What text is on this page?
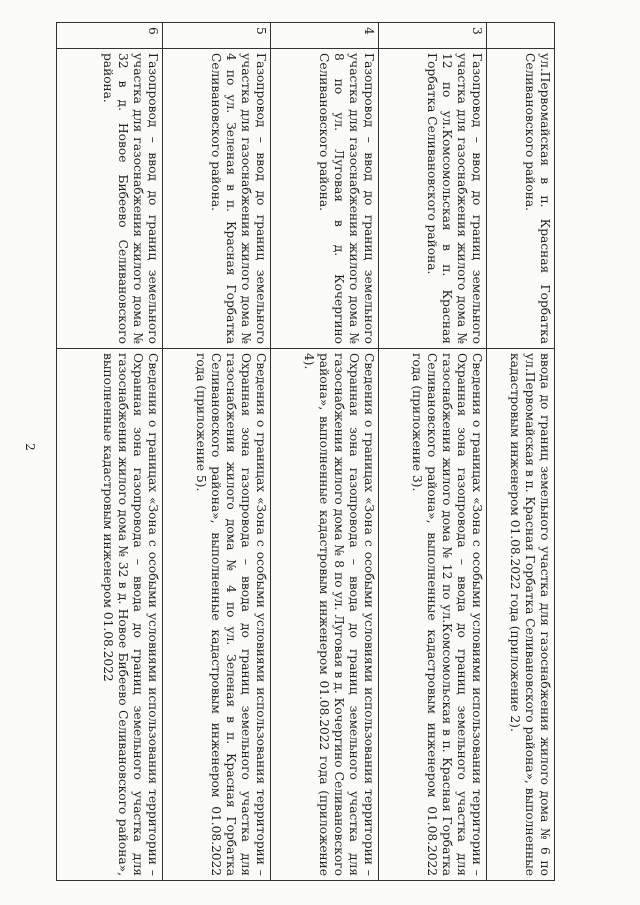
2
	ул.Первомайская в п. Красная Горбатка Селивановского района.	ввода до границ земельного участка для газоснабжения жилого дома № 6 по ул.Первомайская в п. Красная Горбатка Селивановского района», выполненные кадастровым инженером 01.08.2022 года (приложение 2).
3	Газопровод – ввод до границ земельного участка для газоснабжения жилого дома № 12 по ул.Комсомольская в п. Красная Горбатка Селивановского района.	Сведения о границах «Зона с особыми условиями использования территории – Охранная зона газопровода – ввода до границ земельного участка для газоснабжения жилого дома № 12 по ул.Комсомольская в п. Красная Горбатка Селивановского района», выполненные кадастровым инженером 01.08.2022 года (приложение 3).
4	Газопровод – ввод до границ земельного участка для газоснабжения жилого дома № 8 по ул. Луговая в д. Кочергино Селивановского района.	Сведения о границах «Зона с особыми условиями использования территории – Охранная зона газопровода – ввода до границ земельного участка для газоснабжения жилого дома № 8 по ул. Луговая в д. Кочергино Селивановского района», выполненные кадастровым инженером 01.08.2022 года (приложение 4).
5	Газопровод – ввод до границ земельного участка для газоснабжения жилого дома № 4 по ул. Зеленая в п. Красная Горбатка Селивановского района.	Сведения о границах «Зона с особыми условиями использования территории – Охранная зона газопровода – ввода до границ земельного участка для газоснабжения жилого дома № 4 по ул. Зеленая в п. Красная Горбатка Селивановского района», выполненные кадастровым инженером 01.08.2022 года (приложение 5).
6	Газопровод – ввод до границ земельного участка для газоснабжения жилого дома № 32 в д. Новое Бибеево Селивановского района.	Сведения о границах «Зона с особыми условиями использования территории – Охранная зона газопровода – ввода до границ земельного участка для газоснабжения жилого дома № 32 в д. Новое Бибеево Селивановского района», выполненные кадастровым инженером 01.08.2022
